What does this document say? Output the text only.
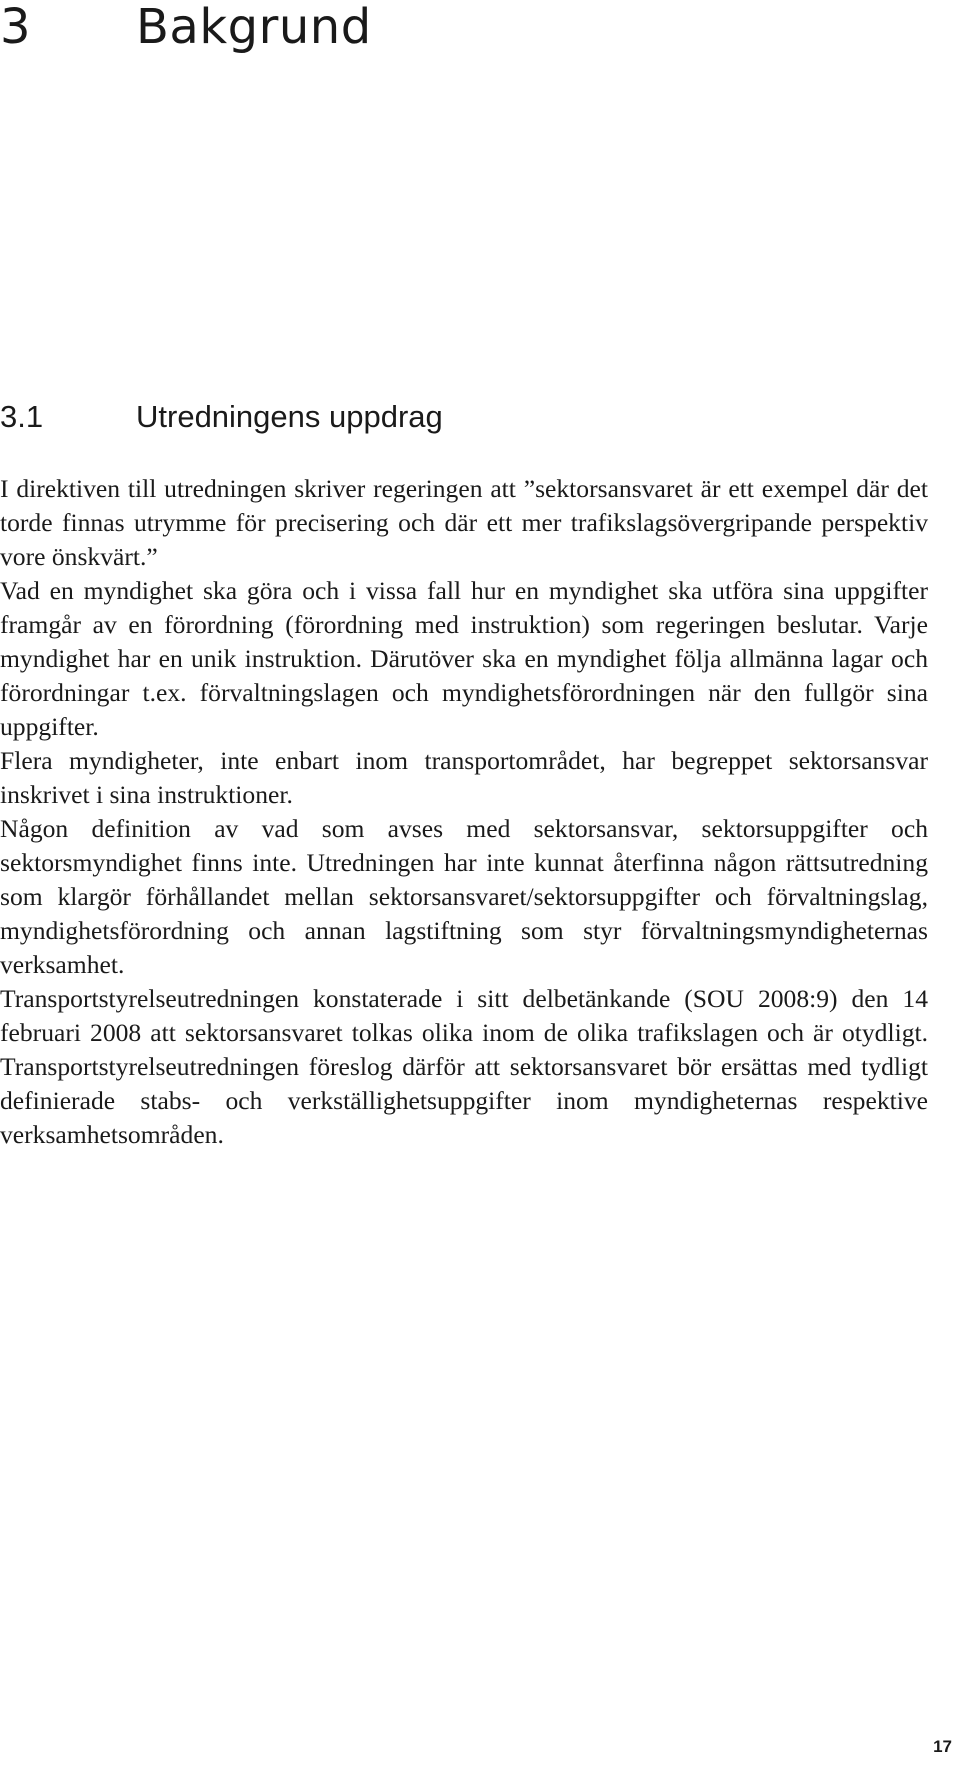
3 Bakgrund
3.1	Utredningens uppdrag

I direktiven till utredningen skriver regeringen att ”sektorsansvaret är ett exempel där det torde finnas utrymme för precisering och där ett mer trafikslagsövergripande perspektiv vore önskvärt.”

Vad en myndighet ska göra och i vissa fall hur en myndighet ska utföra sina uppgifter framgår av en förordning (förordning med instruktion) som regeringen beslutar. Varje myndighet har en unik instruktion. Därutöver ska en myndighet följa allmänna lagar och förordningar t.ex. förvaltningslagen och myndighetsförordningen när den fullgör sina uppgifter.

Flera myndigheter, inte enbart inom transportområdet, har begreppet sektorsansvar inskrivet i sina instruktioner.

Någon definition av vad som avses med sektorsansvar, sektorsuppgifter och sektorsmyndighet finns inte. Utredningen har inte kunnat återfinna någon rättsutredning som klargör förhållandet mellan sektorsansvaret/sektorsuppgifter och förvaltningslag, myndighetsförordning och annan lagstiftning som styr förvaltningsmyndigheternas verksamhet.

Transportstyrelseutredningen konstaterade i sitt delbetänkande (SOU 2008:9) den 14 februari 2008 att sektorsansvaret tolkas olika inom de olika trafikslagen och är otydligt. Transportstyrelseutredningen föreslog därför att sektorsansvaret bör ersättas med tydligt definierade stabs- och verkställighetsuppgifter inom myndigheternas respektive verksamhetsområden.

17
